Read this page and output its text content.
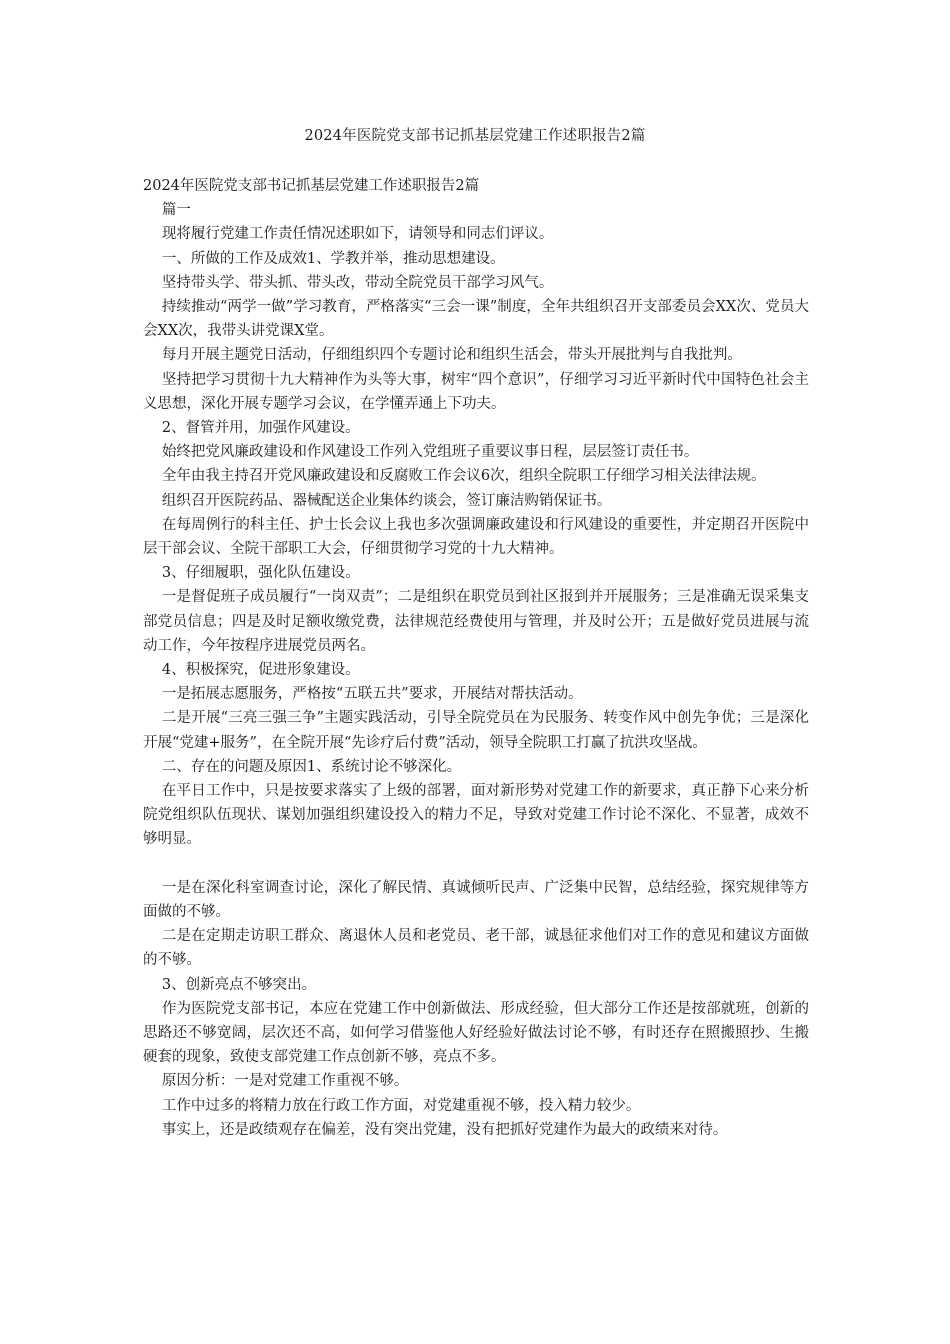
2024年医院党支部书记抓基层党建工作述职报告2篇

2024年医院党支部书记抓基层党建工作述职报告2篇

篇一

现将履行党建工作责任情况述职如下，请领导和同志们评议。

一、所做的工作及成效1、学教并举，推动思想建设。

坚持带头学、带头抓、带头改，带动全院党员干部学习风气。

持续推动“两学一做”学习教育，严格落实“三会一课”制度，全年共组织召开支部委员会XX次、党员大会XX次，我带头讲党课X堂。

每月开展主题党日活动，仔细组织四个专题讨论和组织生活会，带头开展批判与自我批判。

坚持把学习贯彻十九大精神作为头等大事，树牢“四个意识”，仔细学习习近平新时代中国特色社会主义思想，深化开展专题学习会议，在学懂弄通上下功夫。

2、督管并用，加强作风建设。

始终把党风廉政建设和作风建设工作列入党组班子重要议事日程，层层签订责任书。

全年由我主持召开党风廉政建设和反腐败工作会议6次，组织全院职工仔细学习相关法律法规。

组织召开医院药品、器械配送企业集体约谈会，签订廉洁购销保证书。

在每周例行的科主任、护士长会议上我也多次强调廉政建设和行风建设的重要性，并定期召开医院中层干部会议、全院干部职工大会，仔细贯彻学习党的十九大精神。

3、仔细履职，强化队伍建设。

一是督促班子成员履行“一岗双责”；二是组织在职党员到社区报到并开展服务；三是准确无误采集支部党员信息；四是及时足额收缴党费，法律规范经费使用与管理，并及时公开；五是做好党员进展与流动工作，今年按程序进展党员两名。

4、积极探究，促进形象建设。

一是拓展志愿服务，严格按“五联五共”要求，开展结对帮扶活动。

二是开展“三亮三强三争”主题实践活动，引导全院党员在为民服务、转变作风中创先争优；三是深化开展“党建+服务”，在全院开展“先诊疗后付费”活动，领导全院职工打赢了抗洪攻坚战。

二、存在的问题及原因1、系统讨论不够深化。

在平日工作中，只是按要求落实了上级的部署，面对新形势对党建工作的新要求，真正静下心来分析院党组织队伍现状、谋划加强组织建设投入的精力不足，导致对党建工作讨论不深化、不显著，成效不够明显。

一是在深化科室调查讨论，深化了解民情、真诚倾听民声、广泛集中民智，总结经验，探究规律等方面做的不够。

二是在定期走访职工群众、离退休人员和老党员、老干部，诚恳征求他们对工作的意见和建议方面做的不够。

3、创新亮点不够突出。

作为医院党支部书记，本应在党建工作中创新做法、形成经验，但大部分工作还是按部就班，创新的思路还不够宽阔，层次还不高，如何学习借鉴他人好经验好做法讨论不够，有时还存在照搬照抄、生搬硬套的现象，致使支部党建工作点创新不够，亮点不多。

原因分析：一是对党建工作重视不够。

工作中过多的将精力放在行政工作方面，对党建重视不够，投入精力较少。

事实上，还是政绩观存在偏差，没有突出党建，没有把抓好党建作为最大的政绩来对待。
